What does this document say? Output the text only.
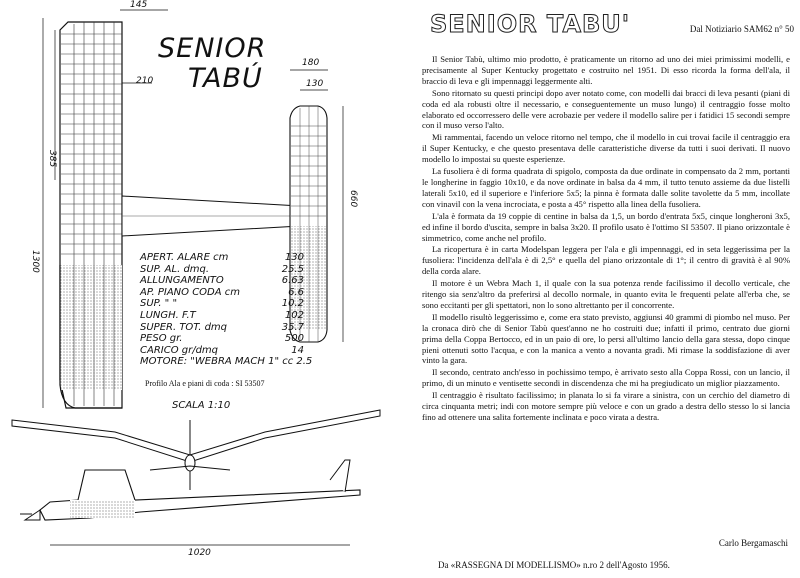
145
210
385
1300
180
130
660
1020
SENIOR
TABÚ
APERT. ALARE cm	130
SUP. AL. dmq.	25.5
ALLUNGAMENTO	6.63
AP. PIANO CODA cm	6.6
SUP. " "	10.2
LUNGH. F.T	102
SUPER. TOT. dmq	35.7
PESO gr.	500
CARICO gr/dmq	14
MOTORE: "WEBRA MACH 1" cc 2.5
Profilo Ala e piani di coda : SI 53507
SCALA 1:10
SENIOR TABU'	Dal Notiziario SAM62 n° 50

Il Senior Tabù, ultimo mio prodotto, è praticamente un ritorno ad uno dei miei primissimi modelli, e precisamente al Super Kentucky progettato e costruito nel 1951. Di esso ricorda la forma dell'ala, il braccio di leva e gli impennaggi leggermente alti.

Sono ritornato su questi principi dopo aver notato come, con modelli dai bracci di leva pesanti (piani di coda ed ala robusti oltre il necessario, e conseguentemente un muso lungo) il centraggio fosse molto elaborato ed occorressero delle vere acrobazie per vedere il modello salire per i fatidici 15 secondi sempre con il muso verso l'alto.

Mi rammentai, facendo un veloce ritorno nel tempo, che il modello in cui trovai facile il centraggio era il Super Kentucky, e che questo presentava delle caratteristiche diverse da tutti i suoi derivati. Il nuovo modello lo impostai su queste esperienze.

La fusoliera è di forma quadrata di spigolo, composta da due ordinate in compensato da 2 mm, portanti le longherine in faggio 10x10, e da nove ordinate in balsa da 4 mm, il tutto tenuto assieme da due listelli laterali 5x10, ed il superiore e l'inferiore 5x5; la pinna è formata dalle solite tavolette da 5 mm, incollate con vinavil con la vena incrociata, e posta a 45° rispetto alla linea della fusoliera.

L'ala è formata da 19 coppie di centine in balsa da 1,5, un bordo d'entrata 5x5, cinque longheroni 3x5, ed infine il bordo d'uscita, sempre in balsa 3x20. Il profilo usato è l'ottimo SI 53507. Il piano orizzontale è simmetrico, come anche nel profilo.

La ricopertura è in carta Modelspan leggera per l'ala e gli impennaggi, ed in seta leggerissima per la fusoliera: l'incidenza dell'ala è di 2,5° e quella del piano orizzontale di 1°; il centro di gravità è al 90% della corda alare.

Il motore è un Webra Mach 1, il quale con la sua potenza rende facilissimo il decollo verticale, che ritengo sia senz'altro da preferirsi al decollo normale, in quanto evita le frequenti pelate all'erba che, se sono eccitanti per gli spettatori, non lo sono altrettanto per il concorrente.

Il modello risultò leggerissimo e, come era stato previsto, aggiunsi 40 grammi di piombo nel muso. Per la cronaca dirò che di Senior Tabù quest'anno ne ho costruiti due; infatti il primo, centrato due giorni prima della Coppa Bertocco, ed in un paio di ore, lo persi all'ultimo lancio della gara stessa, dopo cinque pieni ottenuti sotto l'acqua, e con la manica a vento a novanta gradi. Mi rimase la soddisfazione di aver vinto la gara.

Il secondo, centrato anch'esso in pochissimo tempo, è arrivato sesto alla Coppa Rossi, con un lancio, il primo, di un minuto e ventisette secondi in discendenza che mi ha pregiudicato un miglior piazzamento.

Il centraggio è risultato facilissimo; in planata lo si fa virare a sinistra, con un cerchio del diametro di circa cinquanta metri; indi con motore sempre più veloce e con un grado a destra dello stesso lo si lancia fino ad ottenere una salita fortemente inclinata e poco virata a destra.

Carlo Bergamaschi
Da «RASSEGNA DI MODELLISMO» n.ro 2 dell'Agosto 1956.
